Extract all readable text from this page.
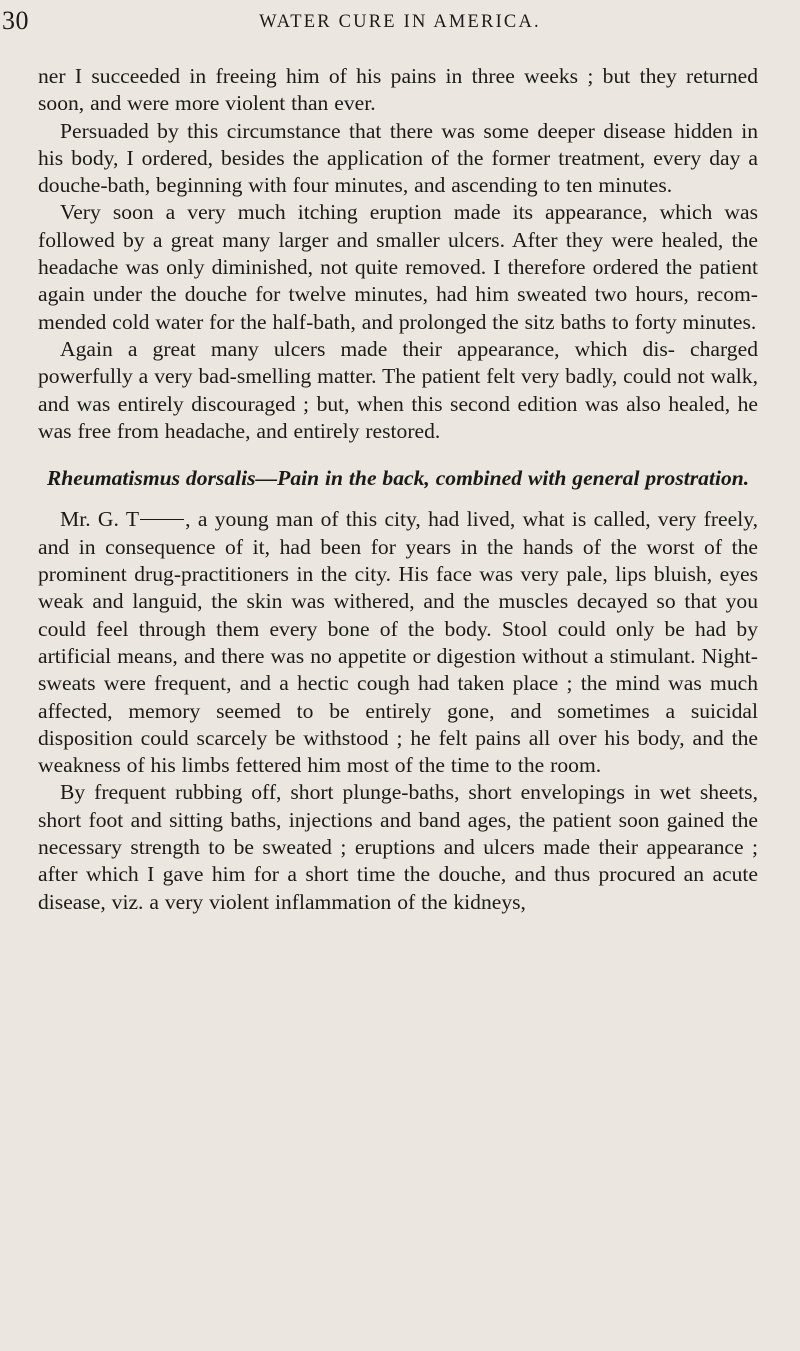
30	WATER CURE IN AMERICA.

ner I succeeded in freeing him of his pains in three weeks ; but they returned soon, and were more violent than ever.

Persuaded by this circumstance that there was some deeper disease hidden in his body, I ordered, besides the application of the former treatment, every day a douche-bath, beginning with four minutes, and ascending to ten minutes.

Very soon a very much itching eruption made its appearance, which was followed by a great many larger and smaller ulcers. After they were healed, the headache was only diminished, not quite removed. I therefore ordered the patient again under the douche for twelve minutes, had him sweated two hours, recom- mended cold water for the half-bath, and prolonged the sitz baths to forty minutes.

Again a great many ulcers made their appearance, which dis- charged powerfully a very bad-smelling matter. The patient felt very badly, could not walk, and was entirely discouraged ; but, when this second edition was also healed, he was free from headache, and entirely restored.

Rheumatismus dorsalis—Pain in the back, combined with general prostration.

Mr. G. T , a young man of this city, had lived, what is called, very freely, and in consequence of it, had been for years in the hands of the worst of the prominent drug-practitioners in the city. His face was very pale, lips bluish, eyes weak and languid, the skin was withered, and the muscles decayed so that you could feel through them every bone of the body. Stool could only be had by artificial means, and there was no appetite or digestion without a stimulant. Night-sweats were frequent, and a hectic cough had taken place ; the mind was much affected, memory seemed to be entirely gone, and sometimes a suicidal disposition could scarcely be withstood ; he felt pains all over his body, and the weakness of his limbs fettered him most of the time to the room.

By frequent rubbing off, short plunge-baths, short envelopings in wet sheets, short foot and sitting baths, injections and band ages, the patient soon gained the necessary strength to be sweated ; eruptions and ulcers made their appearance ; after which I gave him for a short time the douche, and thus procured an acute disease, viz. a very violent inflammation of the kidneys,
